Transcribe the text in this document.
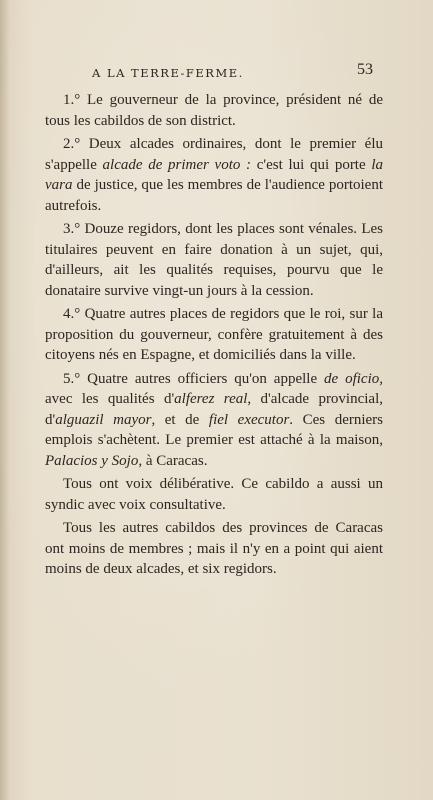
A LA TERRE-FERME.	53

1.° Le gouverneur de la province, président né de tous les cabildos de son district.

2.° Deux alcades ordinaires, dont le premier élu s'appelle alcade de primer voto : c'est lui qui porte la vara de justice, que les membres de l'audience portoient autrefois.

3.° Douze regidors, dont les places sont vénales. Les titulaires peuvent en faire donation à un sujet, qui, d'ailleurs, ait les qualités requises, pourvu que le donataire survive vingt-un jours à la cession.

4.° Quatre autres places de regidors que le roi, sur la proposition du gouverneur, confère gratuitement à des citoyens nés en Espagne, et domiciliés dans la ville.

5.° Quatre autres officiers qu'on appelle de oficio, avec les qualités d'alferez real, d'alcade provincial, d'alguazil mayor, et de fiel executor. Ces derniers emplois s'achètent. Le premier est attaché à la maison, Palacios y Sojo, à Caracas.

Tous ont voix délibérative. Ce cabildo a aussi un syndic avec voix consultative.

Tous les autres cabildos des provinces de Caracas ont moins de membres ; mais il n'y en a point qui aient moins de deux alcades, et six regidors.
